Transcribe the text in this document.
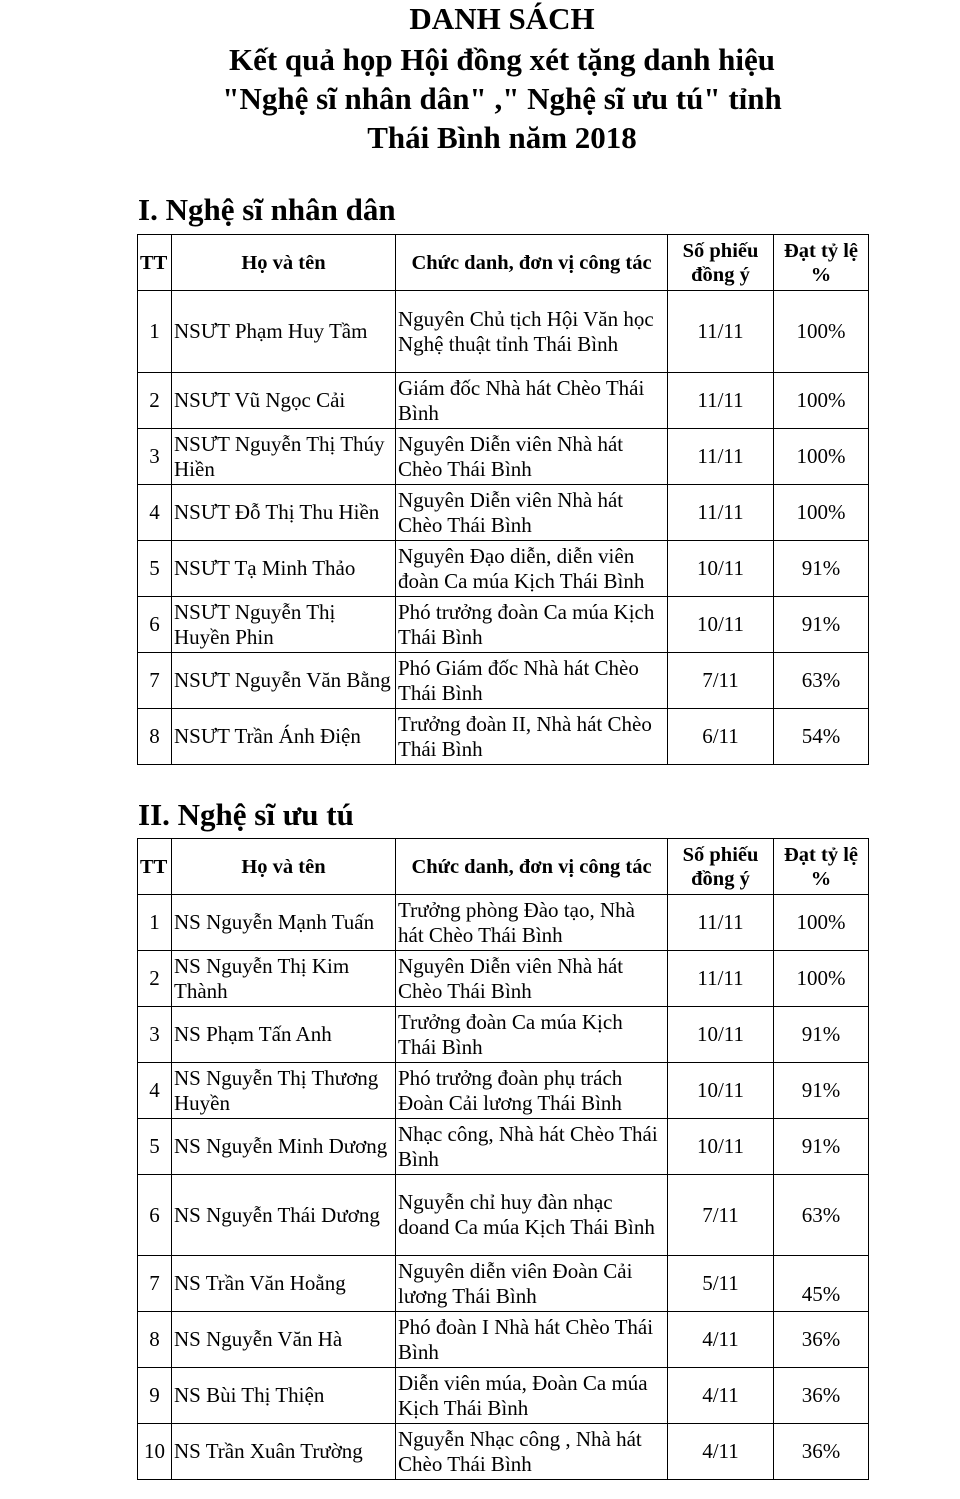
DANH SÁCH
Kết quả họp Hội đồng xét tặng danh hiệu
"Nghệ sĩ nhân dân" ," Nghệ sĩ ưu tú" tỉnh
Thái Bình năm 2018
I. Nghệ sĩ nhân dân
TT	Họ và tên	Chức danh, đơn vị công tác	Số phiếu đồng ý	Đạt tỷ lệ %
1	NSƯT Phạm Huy Tầm	Nguyên Chủ tịch Hội Văn học Nghệ thuật tỉnh Thái Bình	11/11	100%
2	NSƯT Vũ Ngọc Cải	Giám đốc Nhà hát Chèo Thái Bình	11/11	100%
3	NSƯT Nguyễn Thị Thúy Hiền	Nguyên Diễn viên Nhà hát Chèo Thái Bình	11/11	100%
4	NSƯT Đỗ Thị Thu Hiền	Nguyên Diễn viên Nhà hát Chèo Thái Bình	11/11	100%
5	NSƯT Tạ Minh Thảo	Nguyên Đạo diễn, diễn viên đoàn Ca múa Kịch Thái Bình	10/11	91%
6	NSƯT Nguyễn Thị Huyền Phin	Phó trưởng đoàn Ca múa Kịch Thái Bình	10/11	91%
7	NSƯT Nguyễn Văn Bằng	Phó Giám đốc Nhà hát Chèo Thái Bình	7/11	63%
8	NSƯT Trần Ánh Điện	Trưởng đoàn II, Nhà hát Chèo Thái Bình	6/11	54%
II. Nghệ sĩ ưu tú
TT	Họ và tên	Chức danh, đơn vị công tác	Số phiếu đồng ý	Đạt tỷ lệ %
1	NS Nguyễn Mạnh Tuấn	Trưởng phòng Đào tạo, Nhà hát Chèo Thái Bình	11/11	100%
2	NS Nguyễn Thị Kim Thành	Nguyên Diễn viên Nhà hát Chèo Thái Bình	11/11	100%
3	NS Phạm Tấn Anh	Trưởng đoàn Ca múa Kịch Thái Bình	10/11	91%
4	NS Nguyễn Thị Thương Huyền	Phó trưởng đoàn phụ trách Đoàn Cải lương Thái Bình	10/11	91%
5	NS Nguyễn Minh Dương	Nhạc công, Nhà hát Chèo Thái Bình	10/11	91%
6	NS Nguyễn Thái Dương	Nguyễn chỉ huy đàn nhạc doand Ca múa Kịch Thái Bình	7/11	63%
7	NS Trần Văn Hoằng	Nguyên diễn viên Đoàn Cải lương Thái Bình	5/11	45%
8	NS Nguyễn Văn Hà	Phó đoàn I Nhà hát Chèo Thái Bình	4/11	36%
9	NS Bùi Thị Thiện	Diễn viên múa, Đoàn Ca múa Kịch Thái Bình	4/11	36%
10	NS Trần Xuân Trường	Nguyễn Nhạc công , Nhà hát Chèo Thái Bình	4/11	36%
